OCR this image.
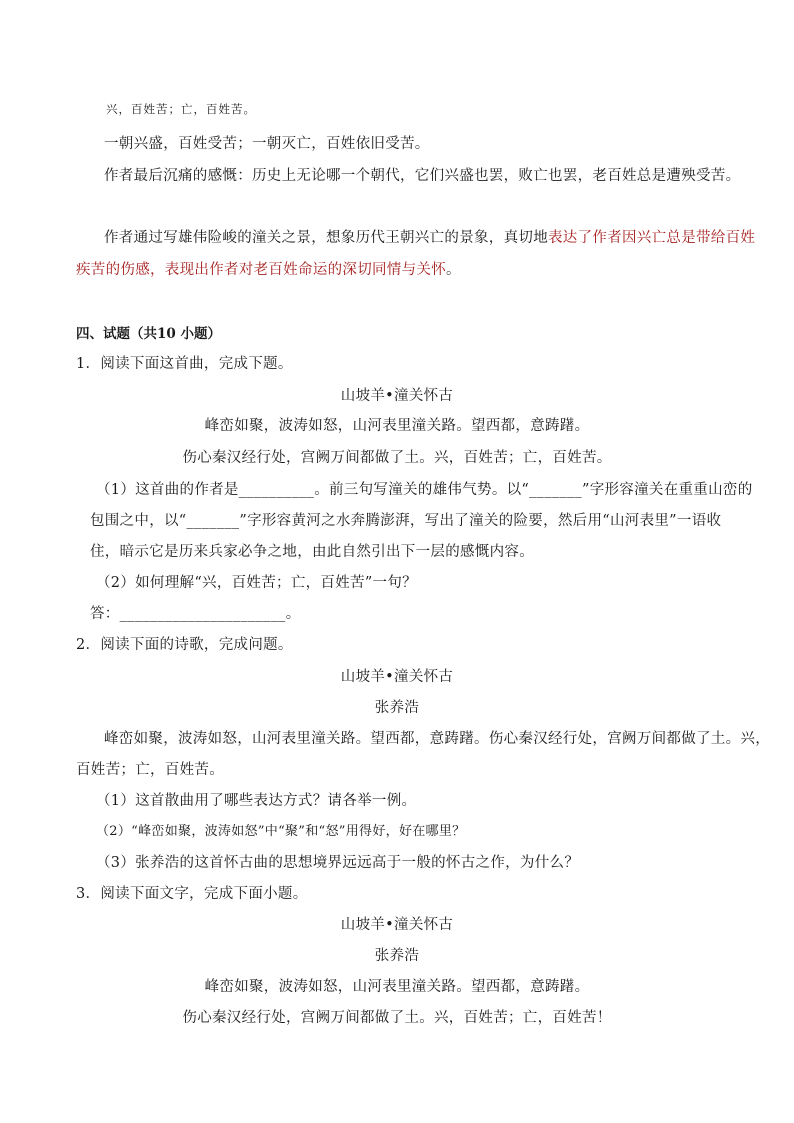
兴，百姓苦；亡，百姓苦。
一朝兴盛，百姓受苦；一朝灭亡，百姓依旧受苦。
作者最后沉痛的感慨：历史上无论哪一个朝代，它们兴盛也罢，败亡也罢，老百姓总是遭殃受苦。
作者通过写雄伟险峻的潼关之景，想象历代王朝兴亡的景象，真切地表达了作者因兴亡总是带给百姓
疾苦的伤感，表现出作者对老百姓命运的深切同情与关怀。
四、试题（共10 小题）
1．阅读下面这首曲，完成下题。
山坡羊•潼关怀古
峰峦如聚，波涛如怒，山河表里潼关路。望西都，意踌躇。
伤心秦汉经行处，宫阙万间都做了土。兴，百姓苦；亡，百姓苦。
（1）这首曲的作者是__________。前三句写潼关的雄伟气势。以“_______”字形容潼关在重重山峦的
包围之中，以“_______”字形容黄河之水奔腾澎湃，写出了潼关的险要，然后用“山河表里”一语收
住，暗示它是历来兵家必争之地，由此自然引出下一层的感慨内容。
（2）如何理解“兴，百姓苦；亡，百姓苦”一句？
答：______________________。
2．阅读下面的诗歌，完成问题。
山坡羊•潼关怀古
张养浩
峰峦如聚，波涛如怒，山河表里潼关路。望西都，意踌躇。伤心秦汉经行处，宫阙万间都做了土。兴，
百姓苦；亡，百姓苦。
（1）这首散曲用了哪些表达方式？请各举一例。
（2）“峰峦如聚，波涛如怒”中“聚”和“怒”用得好，好在哪里？
（3）张养浩的这首怀古曲的思想境界远远高于一般的怀古之作，为什么？
3．阅读下面文字，完成下面小题。
山坡羊•潼关怀古
张养浩
峰峦如聚，波涛如怒，山河表里潼关路。望西都，意踌躇。
伤心秦汉经行处，宫阙万间都做了土。兴，百姓苦；亡，百姓苦！
